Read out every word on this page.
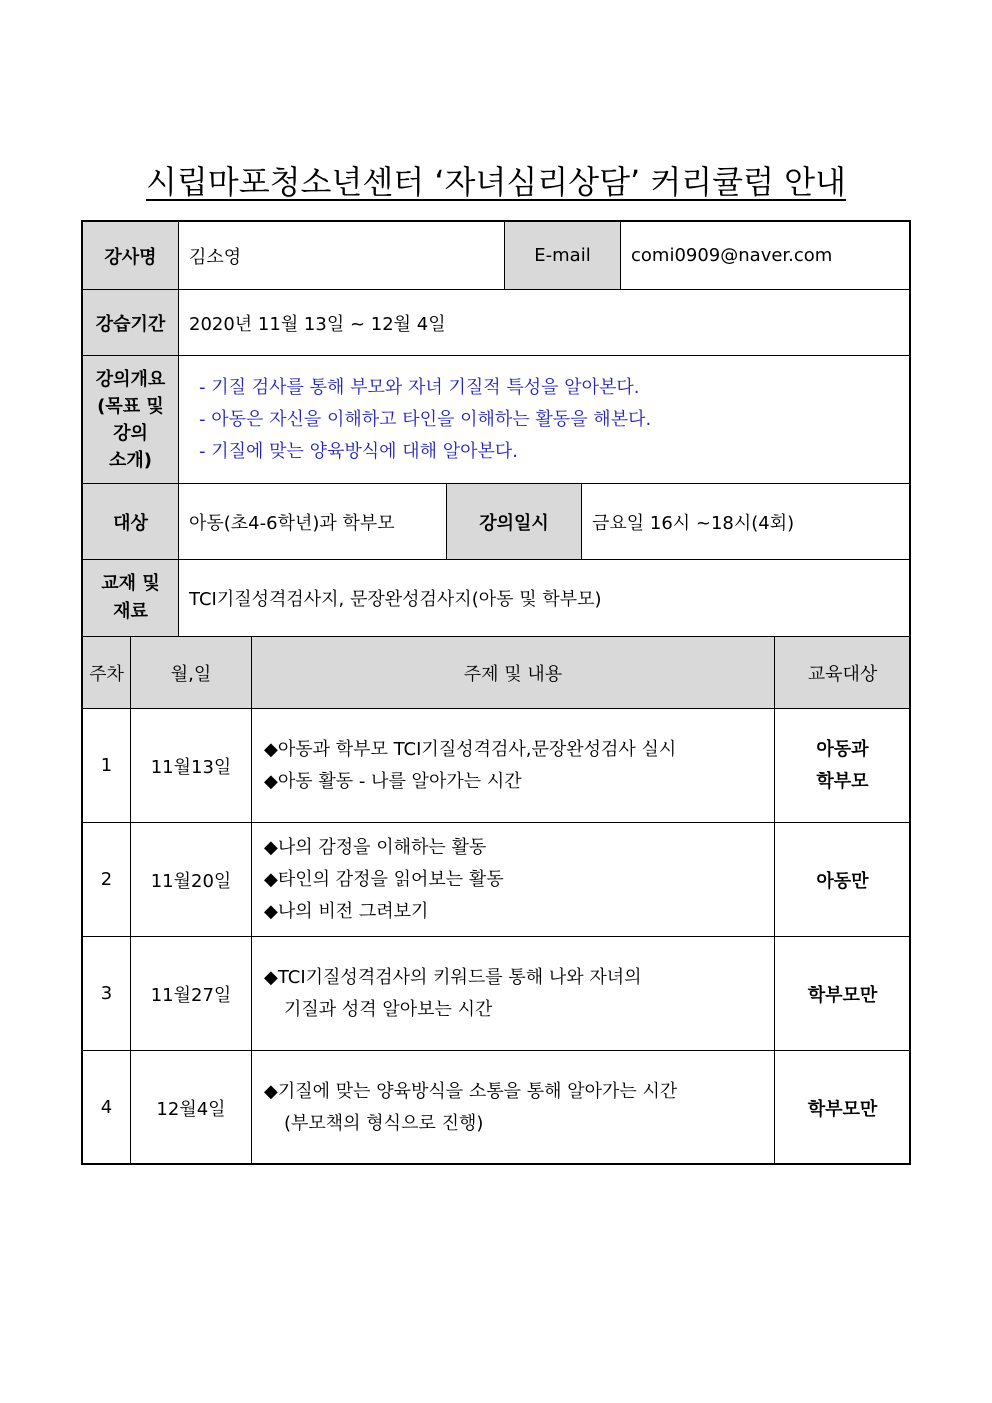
시립마포청소년센터 ‘자녀심리상담’ 커리큘럼 안내
강사명	김소영	E-mail	comi0909@naver.com
강습기간	2020년 11월 13일 ~ 12월 4일		

강의개요
(목표 및
강의
소개)	- 기질 검사를 통해 부모와 자녀 기질적 특성을 알아본다.
- 아동은 자신을 이해하고 타인을 이해하는 활동을 해본다.
- 기질에 맞는 양육방식에 대해 알아본다.		
대상	아동(초4-6학년)과 학부모	강의일시	금요일 16시 ~18시(4회)

교재 및
재료	TCI기질성격검사지, 문장완성검사지(아동 및 학부모)		
주차	월,일	주제 및 내용	교육대상
1	11월13일	◆아동과 학부모 TCI기질성격검사,문장완성검사 실시
◆아동 활동 - 나를 알아가는 시간	아동과
학부모

2	11월20일	◆나의 감정을 이해하는 활동
◆타인의 감정을 읽어보는 활동
◆나의 비전 그려보기	아동만
3	11월27일	◆TCI기질성격검사의 키워드를 통해 나와 자녀의
기질과 성격 알아보는 시간	학부모만
4	12월4일	◆기질에 맞는 양육방식을 소통을 통해 알아가는 시간
(부모책의 형식으로 진행)	학부모만
